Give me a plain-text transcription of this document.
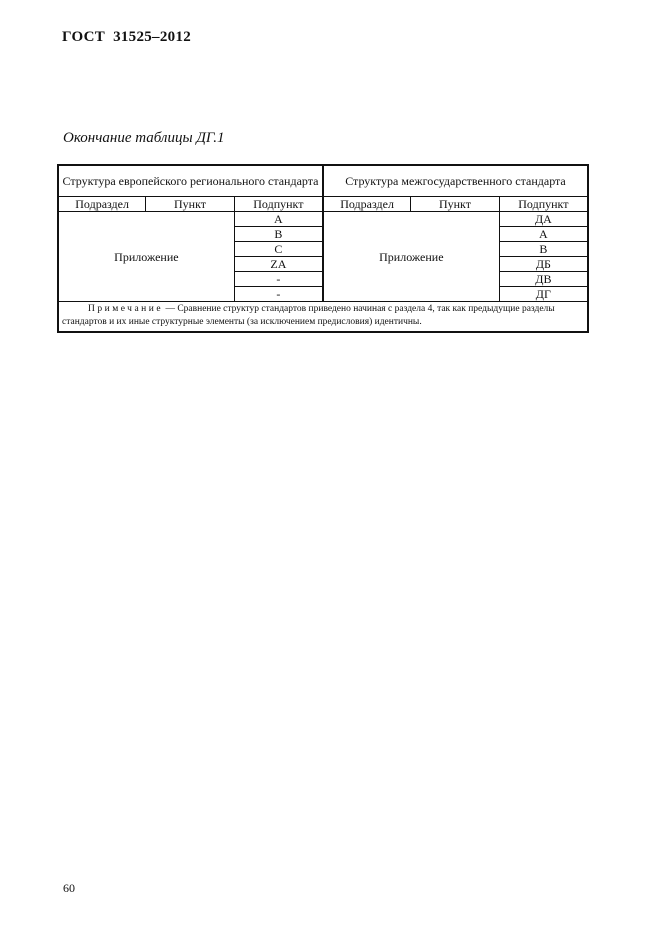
ГОСТ 31525–2012
Окончание таблицы ДГ.1
Структура европейского регионального стандарта			Структура межгосударственного стандарта		
Подраздел	Пункт	Подпункт	Подраздел	Пункт	Подпункт
Приложение		A	Приложение		ДА
		B			А
		C			В
		ZA			ДБ
		-			ДВ
		-			ДГ
Примечание — Сравнение структур стандартов приведено начиная с раздела 4, так как предыдущие разделы стандартов и их иные структурные элементы (за исключением предисловия) идентичны.					
60
